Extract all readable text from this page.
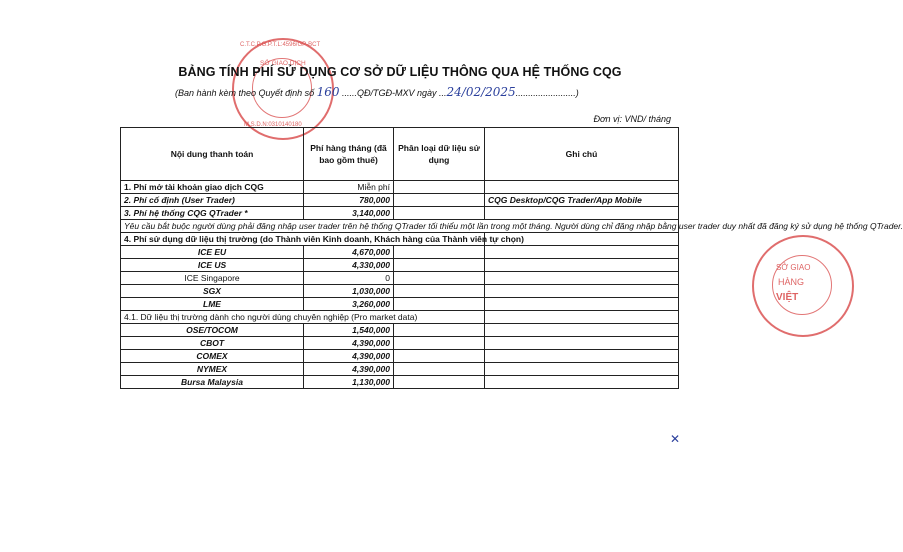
SỞ GIAO DỊCH
C.T.C.P.G.P.T.L:4596/GP-BCT
M.S.D.N:0310140180
SỞ GIAO
HÀNG
VIỆT
BẢNG TÍNH PHÍ SỬ DỤNG CƠ SỞ DỮ LIỆU THÔNG QUA HỆ THỐNG CQG
(Ban hành kèm theo Quyết định số 160 ......QĐ/TGĐ-MXV ngày ...24/02/2025........................)
Đơn vị: VND/ tháng
Nội dung thanh toán	Phí hàng tháng (đã bao gồm thuế)	Phân loại dữ liệu sử dụng	Ghi chú
1. Phí mở tài khoản giao dịch CQG	Miễn phí		
2. Phí cố định (User Trader)	780,000		CQG Desktop/CQG Trader/App Mobile
3. Phí hệ thống CQG QTrader *	3,140,000		
Yêu cầu bắt buộc người dùng phải đăng nhập user trader trên hệ thống QTrader tối thiểu một lần trong một tháng. Người dùng chỉ đăng nhập bằng user trader duy nhất đã đăng ký sử dụng hệ thống QTrader.			
4. Phí sử dụng dữ liệu thị trường (do Thành viên Kinh doanh, Khách hàng của Thành viên tự chọn)			
ICE EU	4,670,000		
ICE US	4,330,000		
ICE Singapore	0		
SGX	1,030,000		
LME	3,260,000		
4.1. Dữ liệu thị trường dành cho người dùng chuyên nghiệp (Pro market data)			
OSE/TOCOM	1,540,000		
CBOT	4,390,000		
COMEX	4,390,000		
NYMEX	4,390,000		
Bursa Malaysia	1,130,000		
✕
